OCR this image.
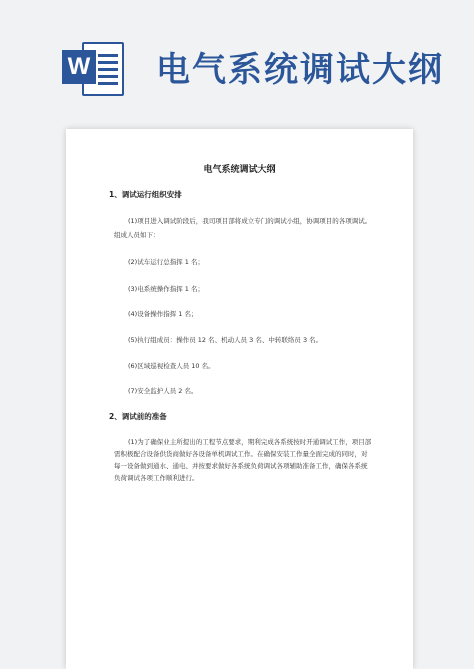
W 电气系统调试大纲
电气系统调试大纲
1、调试运行组织安排
(1)项目进入调试阶段后，我司项目部将成立专门的调试小组，协调项目的各项调试。
组成人员如下：
(2)试车运行总指挥 1 名；
(3)电系统操作指挥 1 名；
(4)设备操作指挥 1 名；
(5)执行组成员：操作员 12 名、机动人员 3 名、中转联络员 3 名。
(6)区域巡视检查人员 10 名。
(7)安全监护人员 2 名。
2、调试前的准备
(1)为了确保业主所提出的工程节点要求，期利完成各系统按时开通调试工作，项目部
需积极配合设备供货商做好各设备单机调试工作。在确保安装工作量全面完成的同时，对
每一设备做到通水、通电、并按要求做好各系统负荷调试各项辅助准备工作，确保各系统
负荷调试各项工作顺利进行。
